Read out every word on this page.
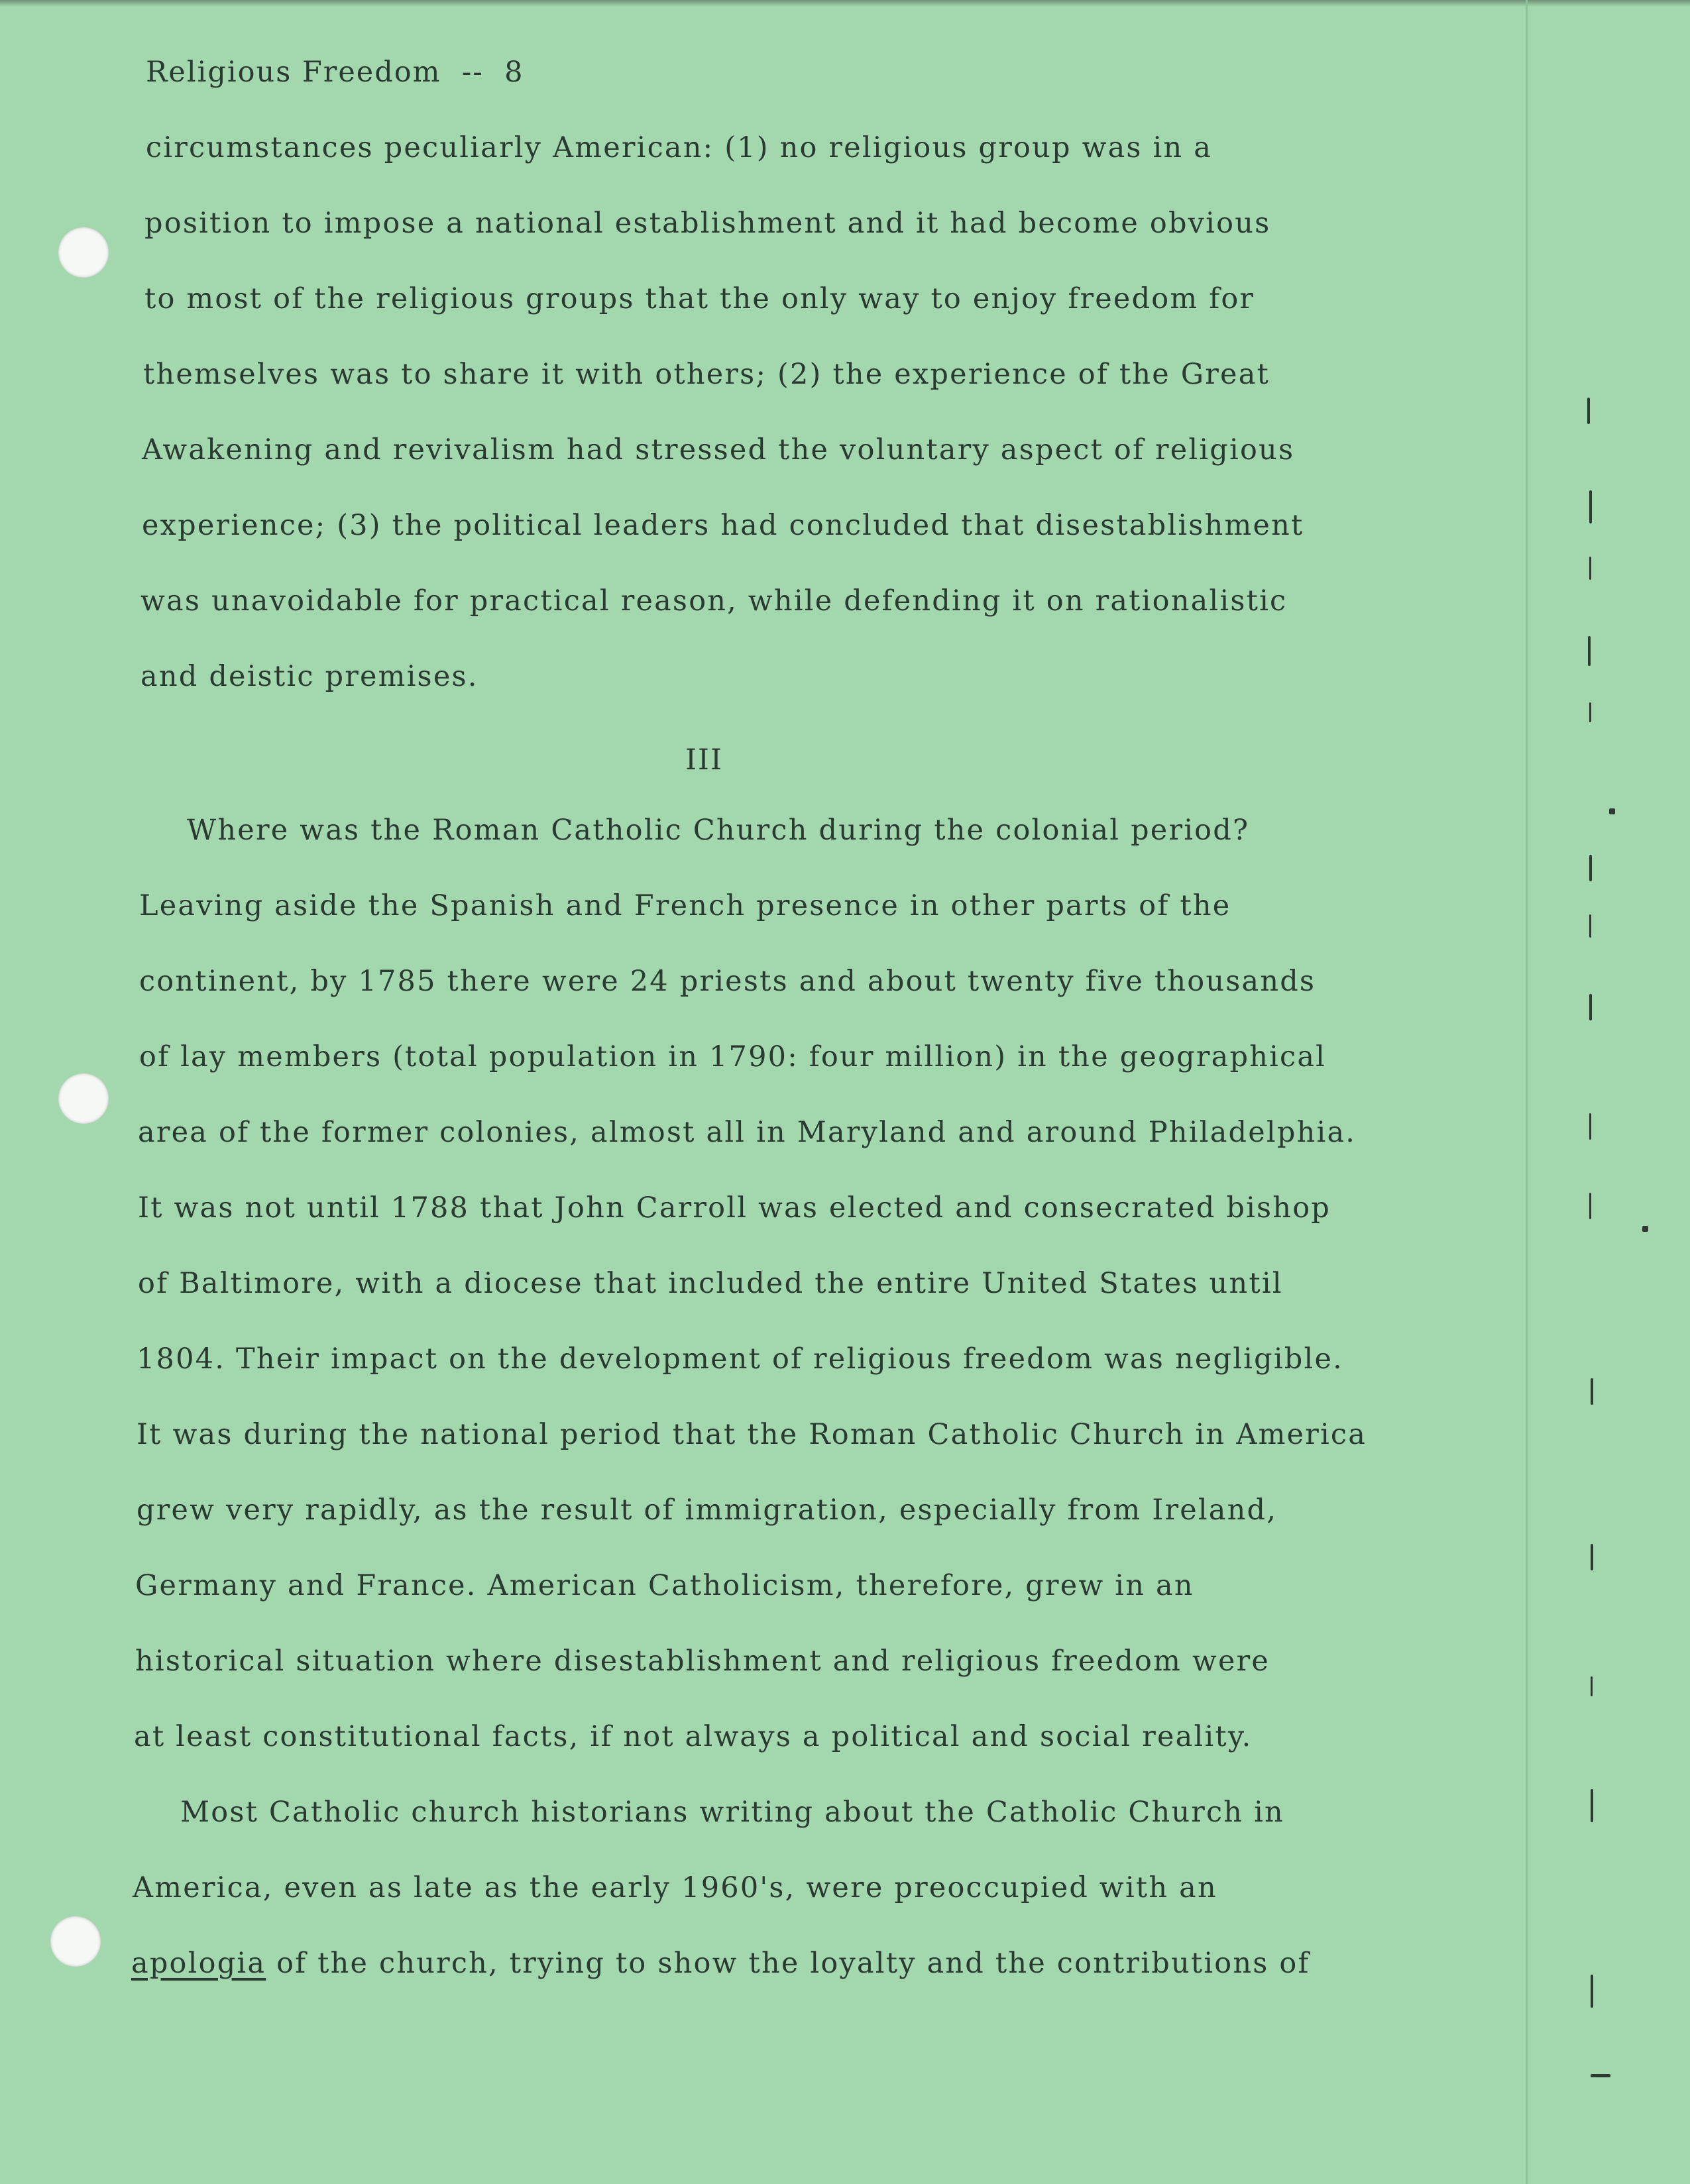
Religious Freedom  --  8
circumstances peculiarly American: (1) no religious group was in a
position to impose a national establishment and it had become obvious
to most of the religious groups that the only way to enjoy freedom for
themselves was to share it with others; (2) the experience of the Great
Awakening and revivalism had stressed the voluntary aspect of religious
experience; (3) the political leaders had concluded that disestablishment
was unavoidable for practical reason, while defending it on rationalistic
and deistic premises.
III
Where was the Roman Catholic Church during the colonial period?
Leaving aside the Spanish and French presence in other parts of the
continent, by 1785 there were 24 priests and about twenty five thousands
of lay members (total population in 1790: four million) in the geographical
area of the former colonies, almost all in Maryland and around Philadelphia.
It was not until 1788 that John Carroll was elected and consecrated bishop
of Baltimore, with a diocese that included the entire United States until
1804. Their impact on the development of religious freedom was negligible.
It was during the national period that the Roman Catholic Church in America
grew very rapidly, as the result of immigration, especially from Ireland,
Germany and France. American Catholicism, therefore, grew in an
historical situation where disestablishment and religious freedom were
at least constitutional facts, if not always a political and social reality.
Most Catholic church historians writing about the Catholic Church in
America, even as late as the early 1960's, were preoccupied with an
apologia of the church, trying to show the loyalty and the contributions of
